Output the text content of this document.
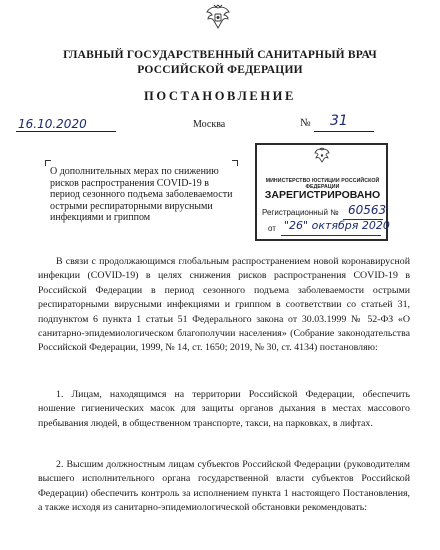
ГЛАВНЫЙ ГОСУДАРСТВЕННЫЙ САНИТАРНЫЙ ВРАЧ
РОССИЙСКОЙ ФЕДЕРАЦИИ
ПОСТАНОВЛЕНИЕ
16.10.2020	Москва	№ 31
О дополнительных мерах по снижению рисков распространения COVID-19 в период сезонного подъема заболеваемости острыми респираторными вирусными инфекциями и гриппом
МИНИСТЕРСТВО ЮСТИЦИИ РОССИЙСКОЙ ФЕДЕРАЦИИ
ЗАРЕГИСТРИРОВАНО
Регистрационный № 60563
от "26" октября 2020
В связи с продолжающимся глобальным распространением новой коронавирусной инфекции (COVID-19) в целях снижения рисков распространения COVID-19 в Российской Федерации в период сезонного подъема заболеваемости острыми респираторными вирусными инфекциями и гриппом в соответствии со статьей 31, подпунктом 6 пункта 1 статьи 51 Федерального закона от 30.03.1999 № 52-ФЗ «О санитарно-эпидемиологическом благополучии населения» (Собрание законодательства Российской Федерации, 1999, № 14, ст. 1650; 2019, № 30, ст. 4134) постановляю:
1. Лицам, находящимся на территории Российской Федерации, обеспечить ношение гигиенических масок для защиты органов дыхания в местах массового пребывания людей, в общественном транспорте, такси, на парковках, в лифтах.
2. Высшим должностным лицам субъектов Российской Федерации (руководителям высшего исполнительного органа государственной власти субъектов Российской Федерации) обеспечить контроль за исполнением пункта 1 настоящего Постановления, а также исходя из санитарно-эпидемиологической обстановки рекомендовать:
